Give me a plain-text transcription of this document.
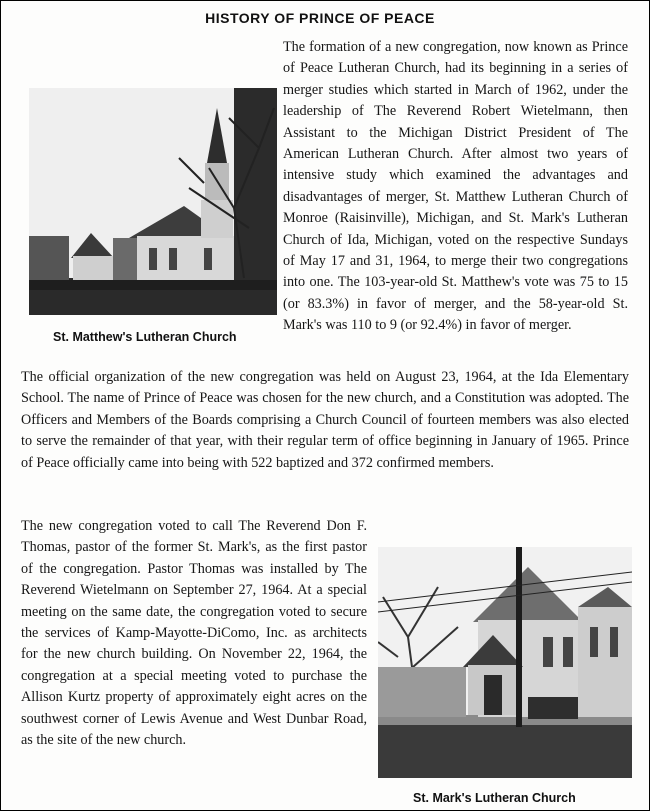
HISTORY OF PRINCE OF PEACE
St. Matthew's Lutheran Church
The formation of a new congregation, now known as Prince of Peace Lutheran Church, had its beginning in a series of merger studies which started in March of 1962, under the leadership of The Reverend Robert Wietelmann, then Assistant to the Michigan District President of The American Lutheran Church. After almost two years of intensive study which examined the advantages and disadvantages of merger, St. Matthew Lutheran Church of Monroe (Raisinville), Michigan, and St. Mark's Lutheran Church of Ida, Michigan, voted on the respective Sundays of May 17 and 31, 1964, to merge their two congregations into one. The 103-year-old St. Matthew's vote was 75 to 15 (or 83.3%) in favor of merger, and the 58-year-old St. Mark's was 110 to 9 (or 92.4%) in favor of merger.
The official organization of the new congregation was held on August 23, 1964, at the Ida Elementary School. The name of Prince of Peace was chosen for the new church, and a Constitution was adopted. The Officers and Members of the Boards comprising a Church Council of fourteen members was also elected to serve the remainder of that year, with their regular term of office beginning in January of 1965. Prince of Peace officially came into being with 522 baptized and 372 confirmed members.
The new congregation voted to call The Reverend Don F. Thomas, pastor of the former St. Mark's, as the first pastor of the congregation. Pastor Thomas was installed by The Reverend Wietelmann on September 27, 1964. At a special meeting on the same date, the congregation voted to secure the services of Kamp-Mayotte-DiComo, Inc. as architects for the new church building. On November 22, 1964, the congregation at a special meeting voted to purchase the Allison Kurtz property of approximately eight acres on the southwest corner of Lewis Avenue and West Dunbar Road, as the site of the new church.
St. Mark's Lutheran Church
